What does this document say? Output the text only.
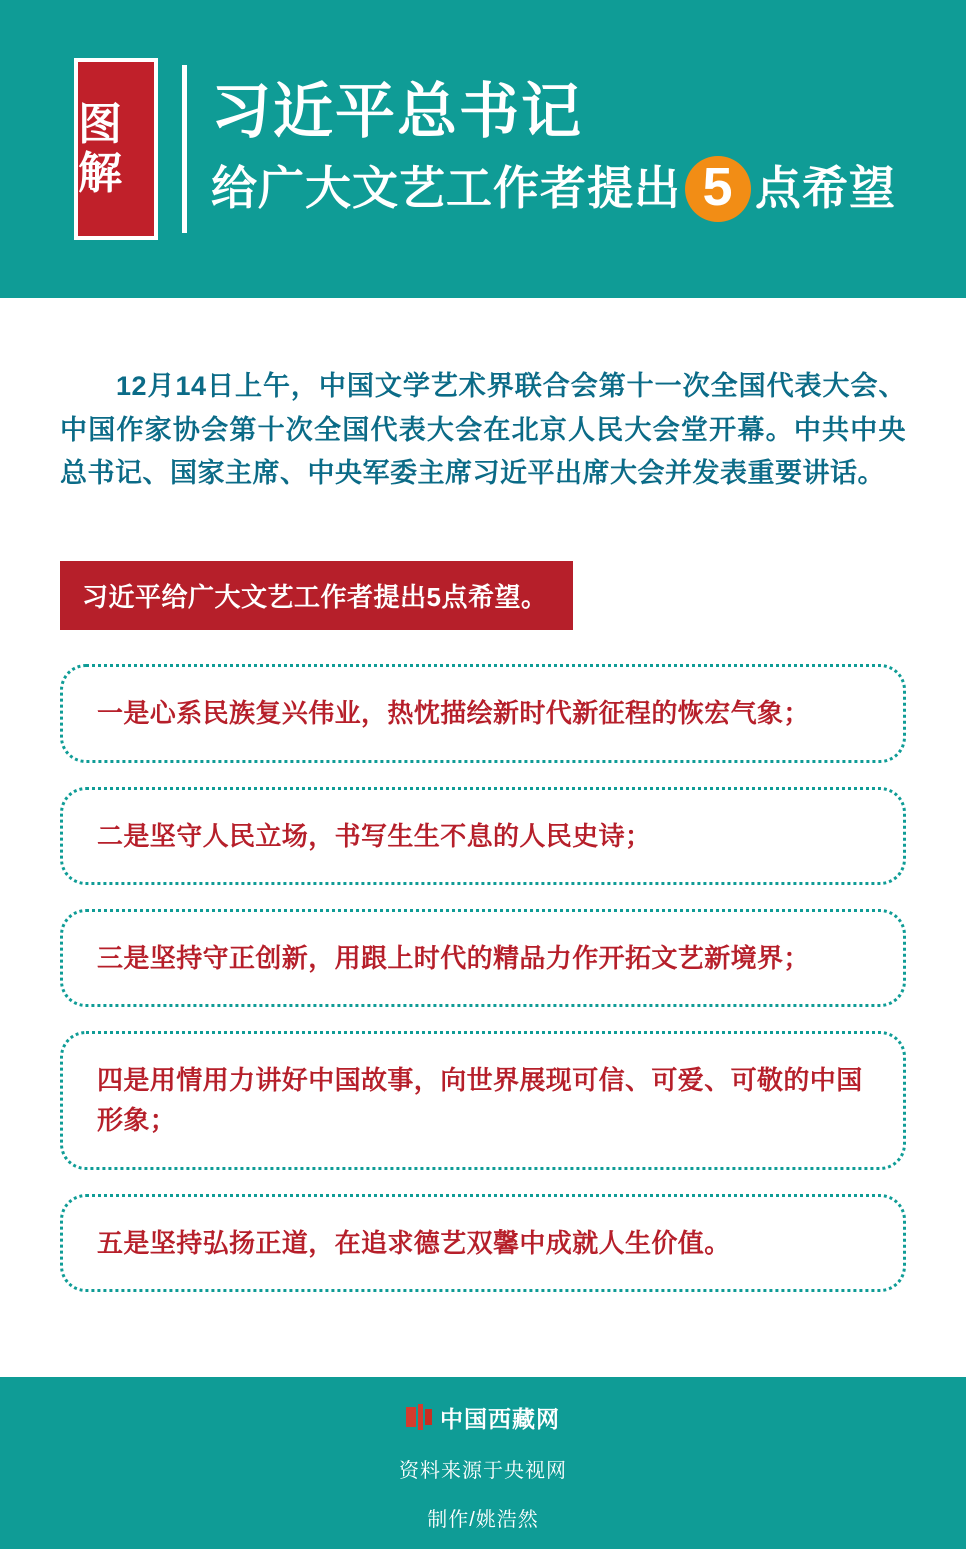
图解
习近平总书记
给广大文艺工作者提出 5 点希望

12月14日上午，中国文学艺术界联合会第十一次全国代表大会、中国作家协会第十次全国代表大会在北京人民大会堂开幕。中共中央总书记、国家主席、中央军委主席习近平出席大会并发表重要讲话。

习近平给广大文艺工作者提出5点希望。
一是心系民族复兴伟业，热忱描绘新时代新征程的恢宏气象；
二是坚守人民立场，书写生生不息的人民史诗；
三是坚持守正创新，用跟上时代的精品力作开拓文艺新境界；
四是用情用力讲好中国故事，向世界展现可信、可爱、可敬的中国形象；
五是坚持弘扬正道，在追求德艺双馨中成就人生价值。
中国西藏网
资料来源于央视网
制作/姚浩然
